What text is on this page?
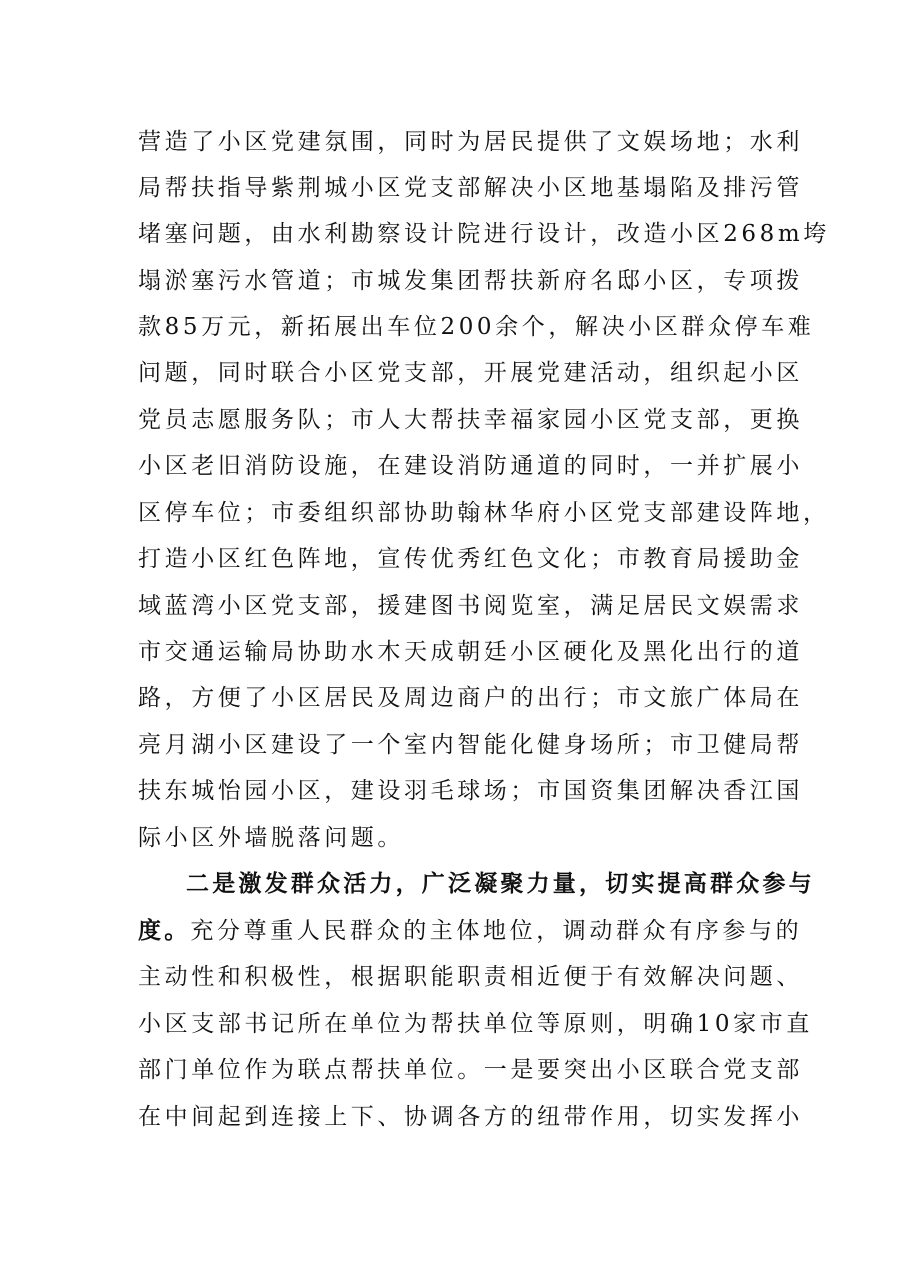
营造了小区党建氛围，同时为居民提供了文娱场地；水利
局帮扶指导紫荆城小区党支部解决小区地基塌陷及排污管
堵塞问题，由水利勘察设计院进行设计，改造小区268m垮
塌淤塞污水管道；市城发集团帮扶新府名邸小区，专项拨
款85万元，新拓展出车位200余个，解决小区群众停车难
问题，同时联合小区党支部，开展党建活动，组织起小区
党员志愿服务队；市人大帮扶幸福家园小区党支部，更换
小区老旧消防设施，在建设消防通道的同时，一并扩展小
区停车位；市委组织部协助翰林华府小区党支部建设阵地，
打造小区红色阵地，宣传优秀红色文化；市教育局援助金
域蓝湾小区党支部，援建图书阅览室，满足居民文娱需求
市交通运输局协助水木天成朝廷小区硬化及黑化出行的道
路，方便了小区居民及周边商户的出行；市文旅广体局在
亮月湖小区建设了一个室内智能化健身场所；市卫健局帮
扶东城怡园小区，建设羽毛球场；市国资集团解决香江国
际小区外墙脱落问题。
二是激发群众活力，广泛凝聚力量，切实提高群众参与
度。充分尊重人民群众的主体地位，调动群众有序参与的
主动性和积极性，根据职能职责相近便于有效解决问题、
小区支部书记所在单位为帮扶单位等原则，明确10家市直
部门单位作为联点帮扶单位。一是要突出小区联合党支部
在中间起到连接上下、协调各方的纽带作用，切实发挥小
